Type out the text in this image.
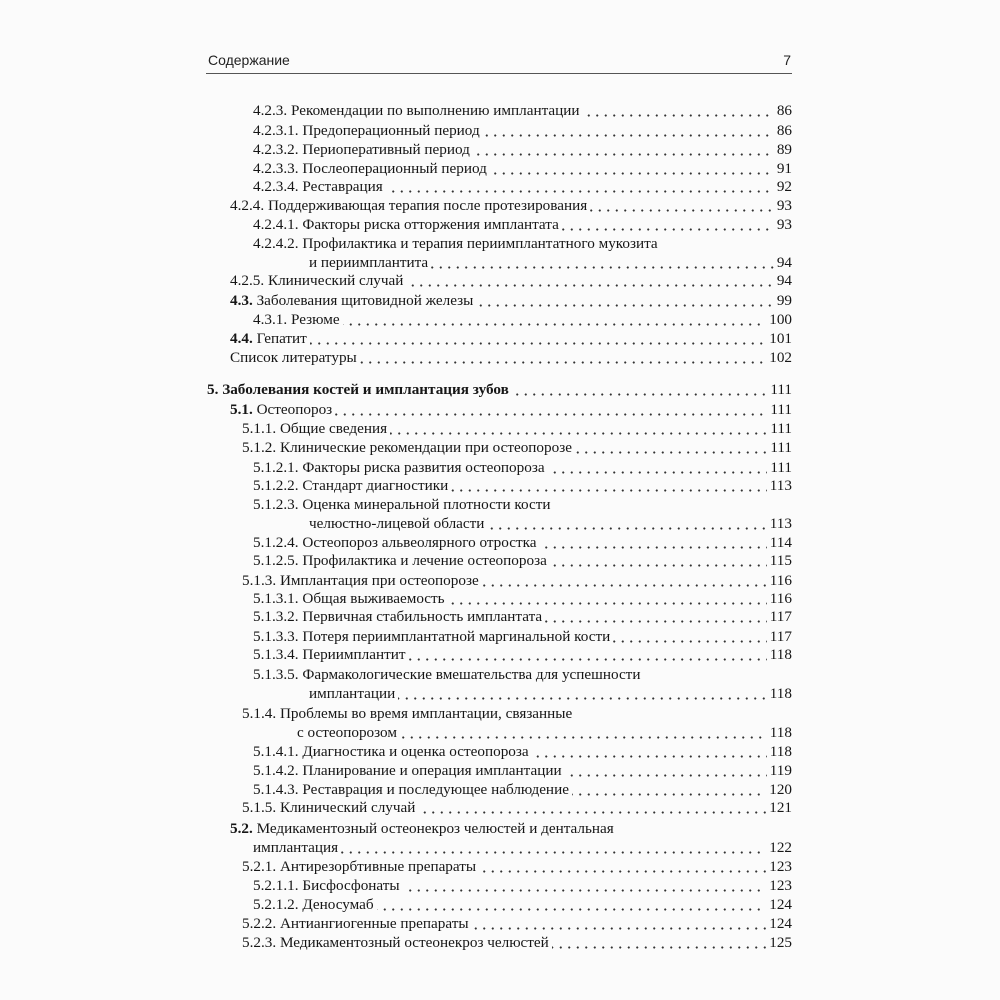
Содержание	7
4.2.3. Рекомендации по выполнению имплантации	86
4.2.3.1. Предоперационный период	86
4.2.3.2. Периоперативный период	89
4.2.3.3. Послеоперационный период	91
4.2.3.4. Реставрация	92
4.2.4. Поддерживающая терапия после протезирования	93
4.2.4.1. Факторы риска отторжения имплантата	93
4.2.4.2. Профилактика и терапия периимплантатного мукозита
и периимплантита	94
4.2.5. Клинический случай	94
4.3. Заболевания щитовидной железы	99
4.3.1. Резюме	100
4.4. Гепатит	101
Список литературы	102
5. Заболевания костей и имплантация зубов	111
5.1. Остеопороз	111
5.1.1. Общие сведения	111
5.1.2. Клинические рекомендации при остеопорозе	111
5.1.2.1. Факторы риска развития остеопороза	111
5.1.2.2. Стандарт диагностики	113
5.1.2.3. Оценка минеральной плотности кости
челюстно-лицевой области	113
5.1.2.4. Остеопороз альвеолярного отростка	114
5.1.2.5. Профилактика и лечение остеопороза	115
5.1.3. Имплантация при остеопорозе	116
5.1.3.1. Общая выживаемость	116
5.1.3.2. Первичная стабильность имплантата	117
5.1.3.3. Потеря периимплантатной маргинальной кости	117
5.1.3.4. Периимплантит	118
5.1.3.5. Фармакологические вмешательства для успешности
имплантации	118
5.1.4. Проблемы во время имплантации, связанные
с остеопорозом	118
5.1.4.1. Диагностика и оценка остеопороза	118
5.1.4.2. Планирование и операция имплантации	119
5.1.4.3. Реставрация и последующее наблюдение	120
5.1.5. Клинический случай	121
5.2. Медикаментозный остеонекроз челюстей и дентальная
имплантация	122
5.2.1. Антирезорбтивные препараты	123
5.2.1.1. Бисфосфонаты	123
5.2.1.2. Деносумаб	124
5.2.2. Антиангиогенные препараты	124
5.2.3. Медикаментозный остеонекроз челюстей	125
